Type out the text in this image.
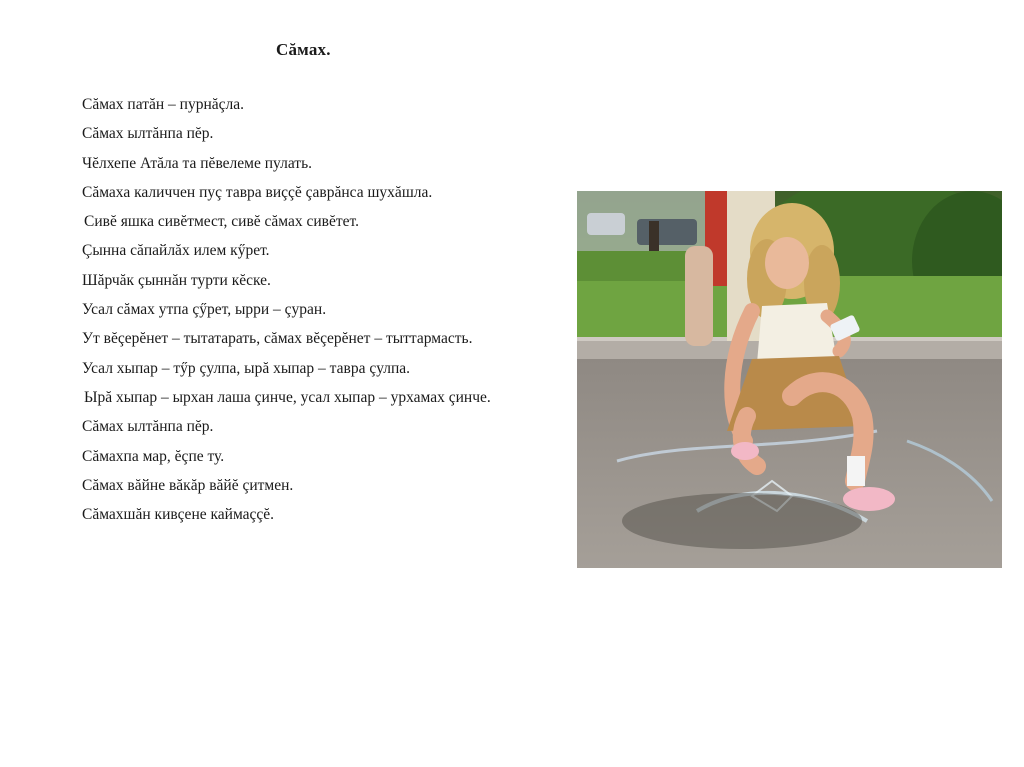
Сăмах.
Сăмах патăн – пурнăçла.
Сăмах ылтăнпа пĕр.
Чĕлхепе Атăла та пĕвелеме пулать.
Сăмаха каличчен пуç тавра виççĕ çаврăнса шухăшла.
Сивĕ яшка сивĕтмест, сивĕ сăмах сивĕтет.
Çынна сăпайлăх илем кӳрет.
Шăрчăк çыннăн турти кĕске.
Усал сăмах утпа çӳрет, ырри – çуран.
Ут вĕçерĕнет – тытатарать, сăмах вĕçерĕнет – тыттармасть.
Усал хыпар – тӳр çулпа, ырă хыпар – тавра çулпа.
Ырă хыпар – ырхан лаша çинче, усал хыпар – урхамах çинче.
Сăмах ылтăнпа пĕр.
Сăмахпа мар, ĕçпе ту.
Сăмах вăйне вăкăр вăйĕ çитмен.
Сăмахшăн кивçене каймаççĕ.
